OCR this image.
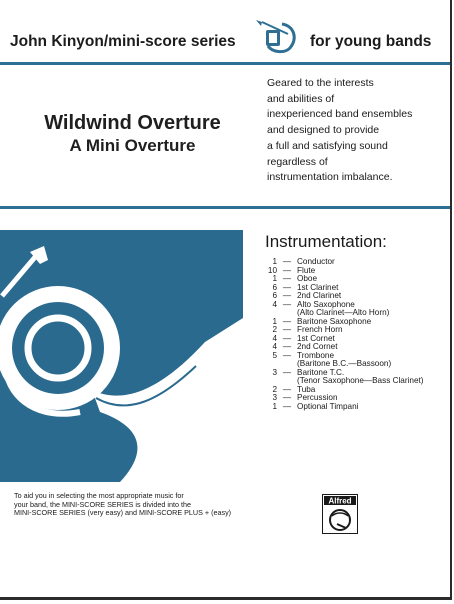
John Kinyon/mini-score series	for young bands
Wildwind Overture
A Mini Overture
Geared to the interests
and abilities of
inexperienced band ensembles
and designed to provide
a full and satisfying sound
regardless of
instrumentation imbalance.
Instrumentation:
1 — Conductor
10 — Flute
1 — Oboe
6 — 1st Clarinet
6 — 2nd Clarinet
4 — Alto Saxophone
(Alto Clarinet—Alto Horn)
1 — Baritone Saxophone
2 — French Horn
4 — 1st Cornet
4 — 2nd Cornet
5 — Trombone
(Baritone B.C.—Bassoon)
3 — Baritone T.C.
(Tenor Saxophone—Bass Clarinet)
2 — Tuba
3 — Percussion
1 — Optional Timpani
To aid you in selecting the most appropriate music for
your band, the MINI-SCORE SERIES is divided into the
MINI-SCORE SERIES (very easy) and MINI-SCORE PLUS + (easy)
Alfred
